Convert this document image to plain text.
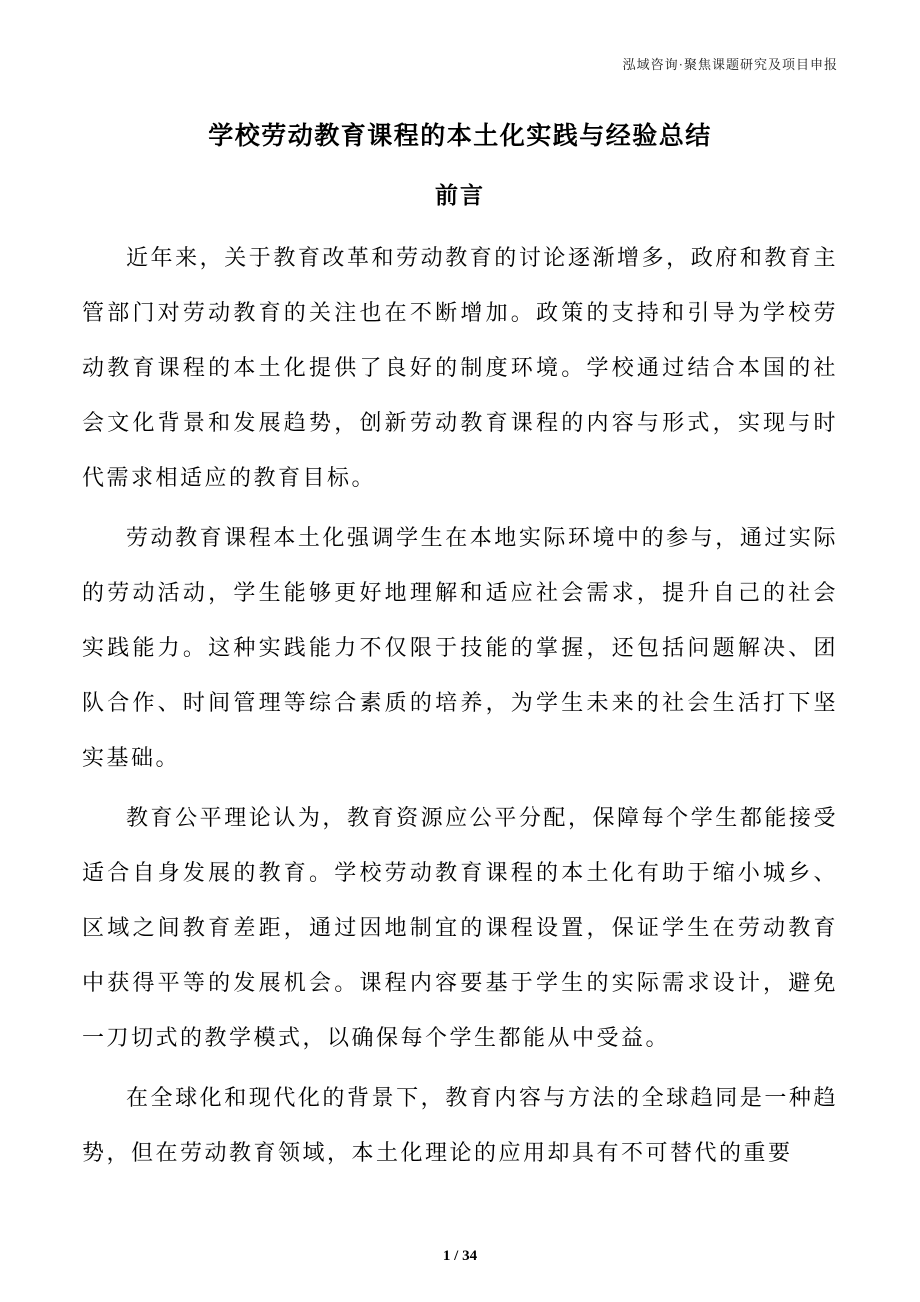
泓域咨询·聚焦课题研究及项目申报
学校劳动教育课程的本土化实践与经验总结
前言

近年来，关于教育改革和劳动教育的讨论逐渐增多，政府和教育主管部门对劳动教育的关注也在不断增加。政策的支持和引导为学校劳动教育课程的本土化提供了良好的制度环境。学校通过结合本国的社会文化背景和发展趋势，创新劳动教育课程的内容与形式，实现与时代需求相适应的教育目标。

劳动教育课程本土化强调学生在本地实际环境中的参与，通过实际的劳动活动，学生能够更好地理解和适应社会需求，提升自己的社会实践能力。这种实践能力不仅限于技能的掌握，还包括问题解决、团队合作、时间管理等综合素质的培养，为学生未来的社会生活打下坚实基础。

教育公平理论认为，教育资源应公平分配，保障每个学生都能接受适合自身发展的教育。学校劳动教育课程的本土化有助于缩小城乡、区域之间教育差距，通过因地制宜的课程设置，保证学生在劳动教育中获得平等的发展机会。课程内容要基于学生的实际需求设计，避免一刀切式的教学模式，以确保每个学生都能从中受益。

在全球化和现代化的背景下，教育内容与方法的全球趋同是一种趋势，但在劳动教育领域，本土化理论的应用却具有不可替代的重要

1 / 34
